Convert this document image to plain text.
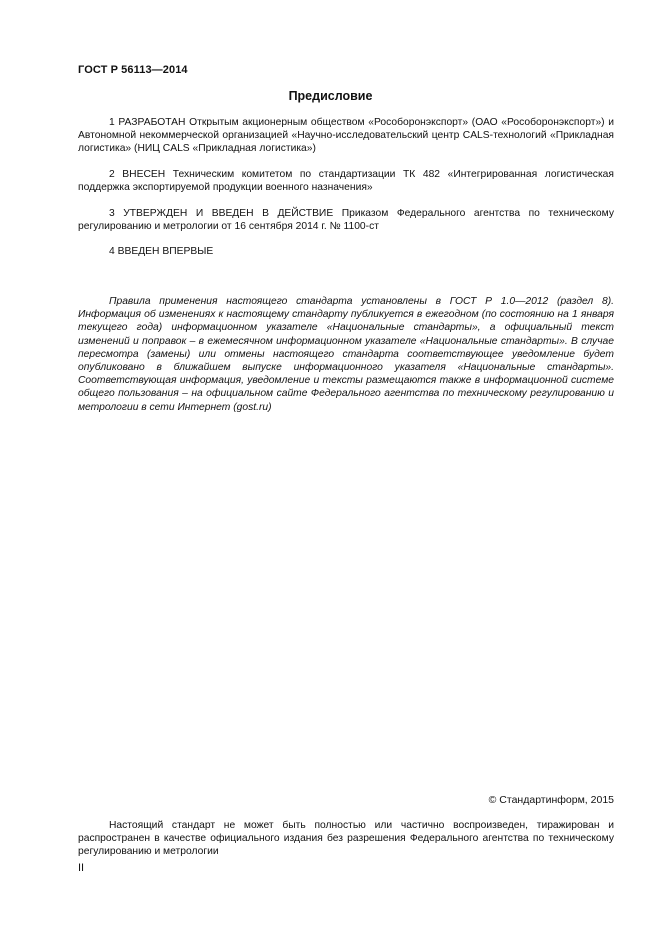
ГОСТ Р 56113—2014
Предисловие

1 РАЗРАБОТАН Открытым акционерным обществом «Рособоронэкспорт» (ОАО «Рособоронэкспорт») и Автономной некоммерческой организацией «Научно-исследовательский центр CALS-технологий «Прикладная логистика» (НИЦ CALS «Прикладная логистика»)

2 ВНЕСЕН Техническим комитетом по стандартизации ТК 482 «Интегрированная логистическая поддержка экспортируемой продукции военного назначения»

3 УТВЕРЖДЕН И ВВЕДЕН В ДЕЙСТВИЕ Приказом Федерального агентства по техническому регулированию и метрологии от 16 сентября 2014 г. № 1100-ст

4 ВВЕДЕН ВПЕРВЫЕ

Правила применения настоящего стандарта установлены в ГОСТ Р 1.0—2012 (раздел 8). Информация об изменениях к настоящему стандарту публикуется в ежегодном (по состоянию на 1 января текущего года) информационном указателе «Национальные стандарты», а официальный текст изменений и поправок – в ежемесячном информационном указателе «Национальные стандарты». В случае пересмотра (замены) или отмены настоящего стандарта соответствующее уведомление будет опубликовано в ближайшем выпуске информационного указателя «Национальные стандарты». Соответствующая информация, уведомление и тексты размещаются также в информационной системе общего пользования – на официальном сайте Федерального агентства по техническому регулированию и метрологии в сети Интернет (gost.ru)

© Стандартинформ, 2015

Настоящий стандарт не может быть полностью или частично воспроизведен, тиражирован и распространен в качестве официального издания без разрешения Федерального агентства по техническому регулированию и метрологии

II
